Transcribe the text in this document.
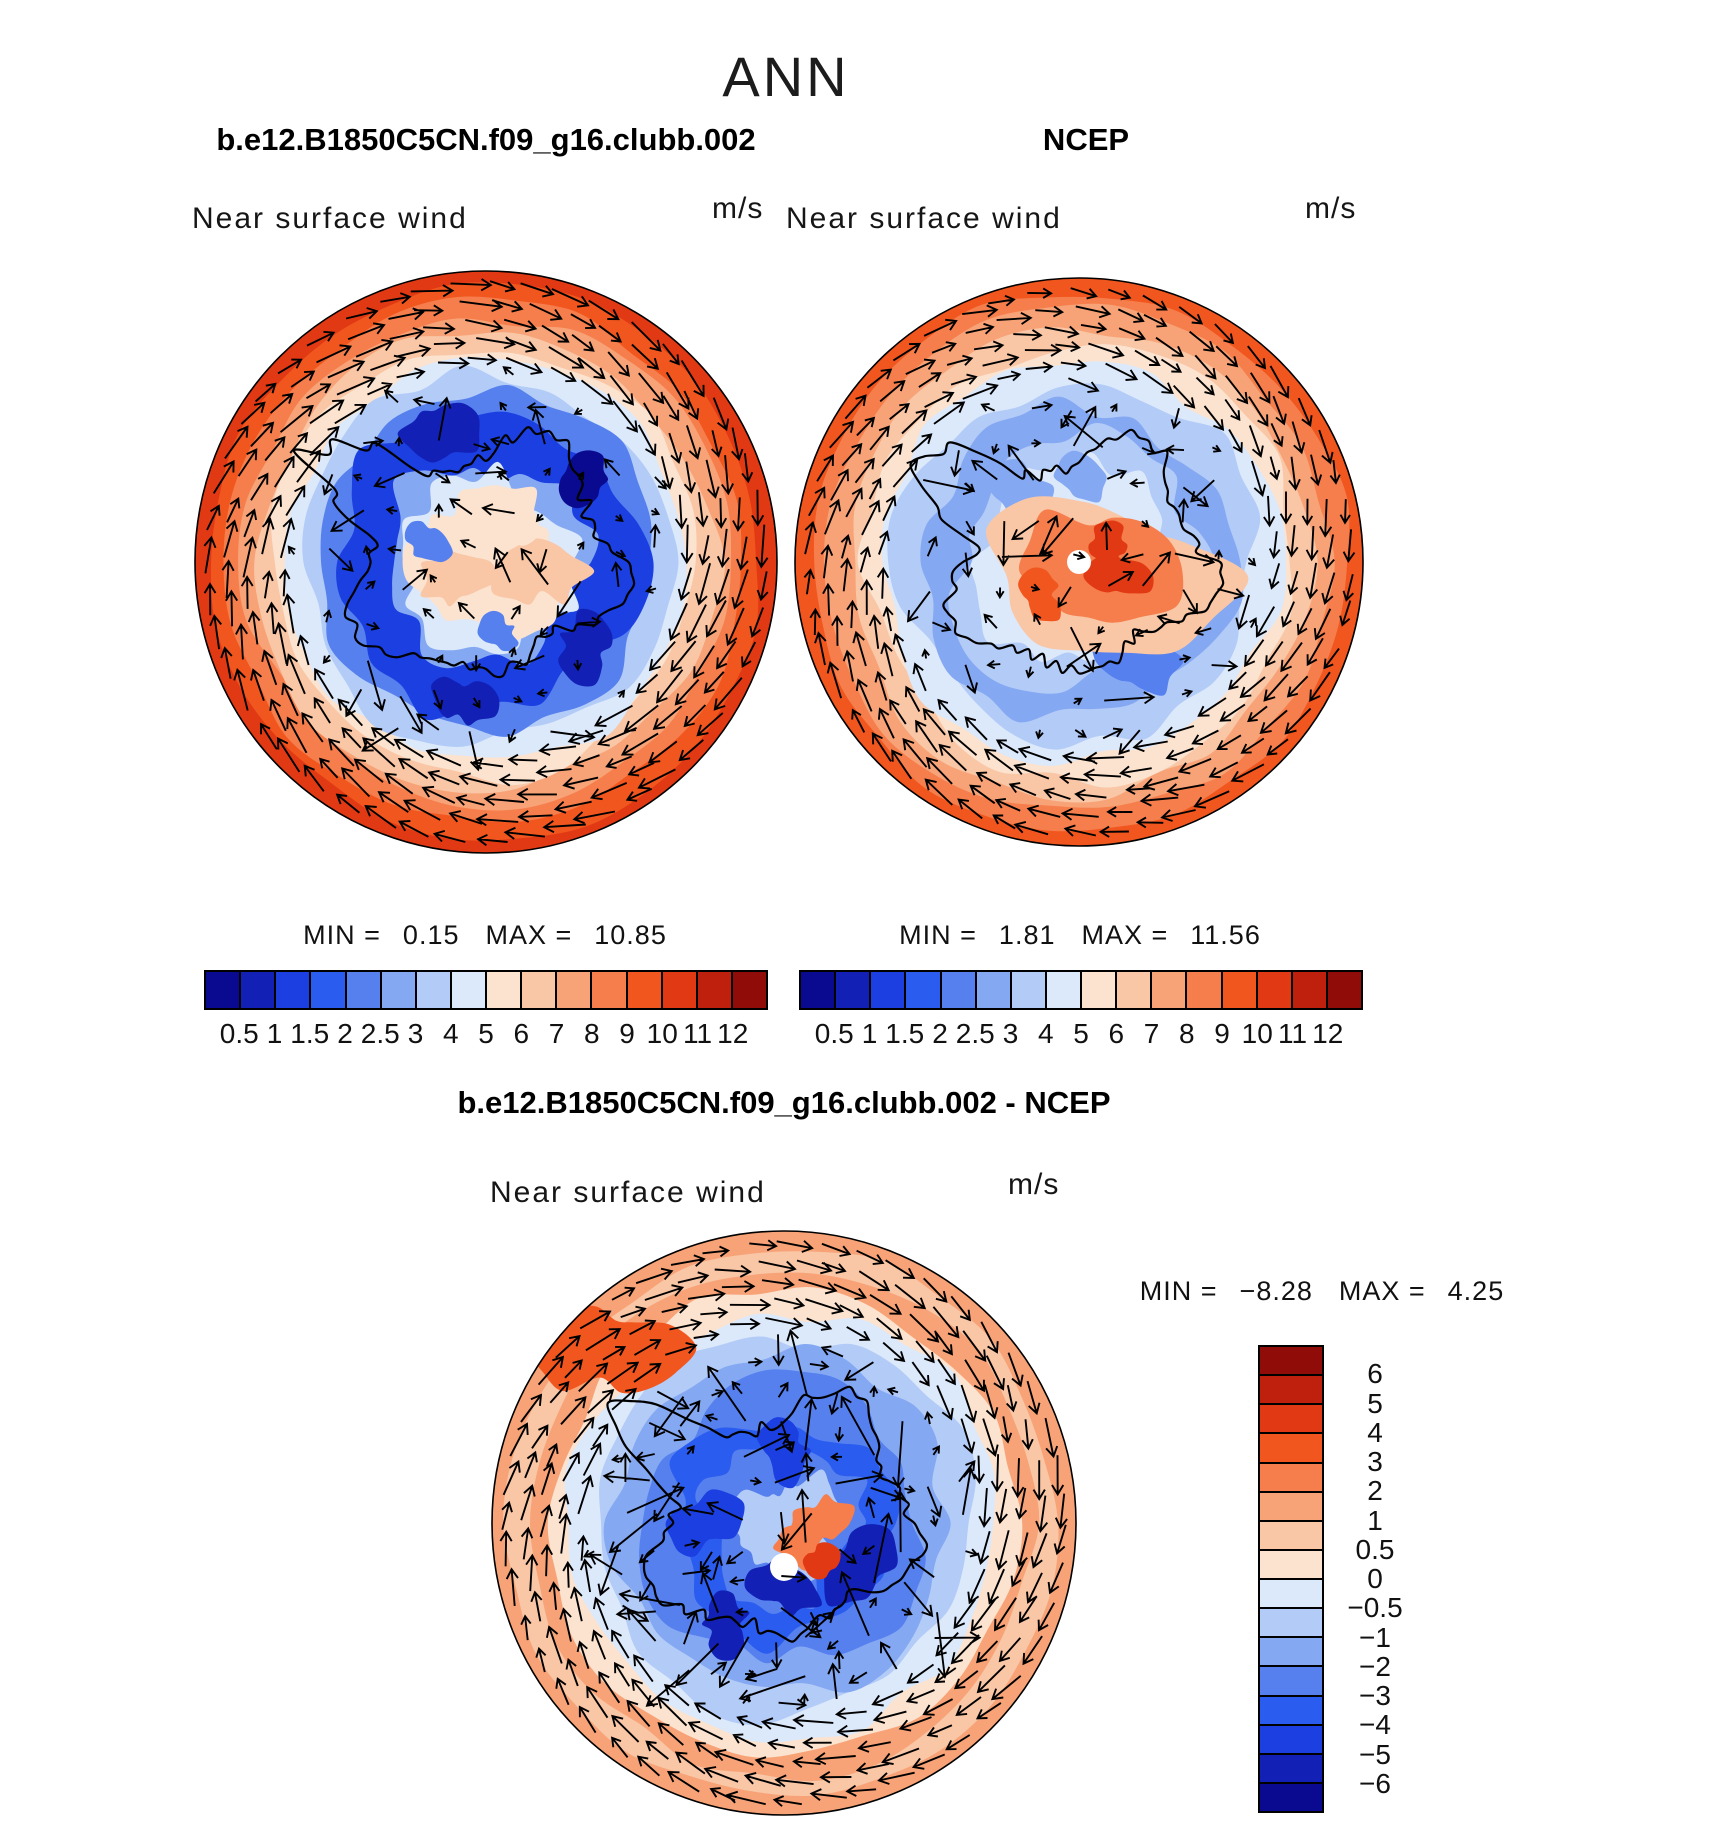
ANN
b.e12.B1850C5CN.f09_g16.clubb.002	NCEP
Near surface wind	m/s Near surface wind	m/s
MIN = 0.15 MAX = 10.85	MIN = 1.81 MAX = 11.56
0.5 1 1.5 2 2.5 3 4 5 6 7 8 9 10 11 12 0.5 1 1.5 2 2.5 3 4 5 6 7 8 9 10 11 12
b.e12.B1850C5CN.f09_g16.clubb.002 - NCEP
Near surface wind	m/s
MIN = −8.28 MAX = 4.25
6
5
4
3
2
1
0.5
0
−0.5
−1
−2
−3
−4
−5
−6
